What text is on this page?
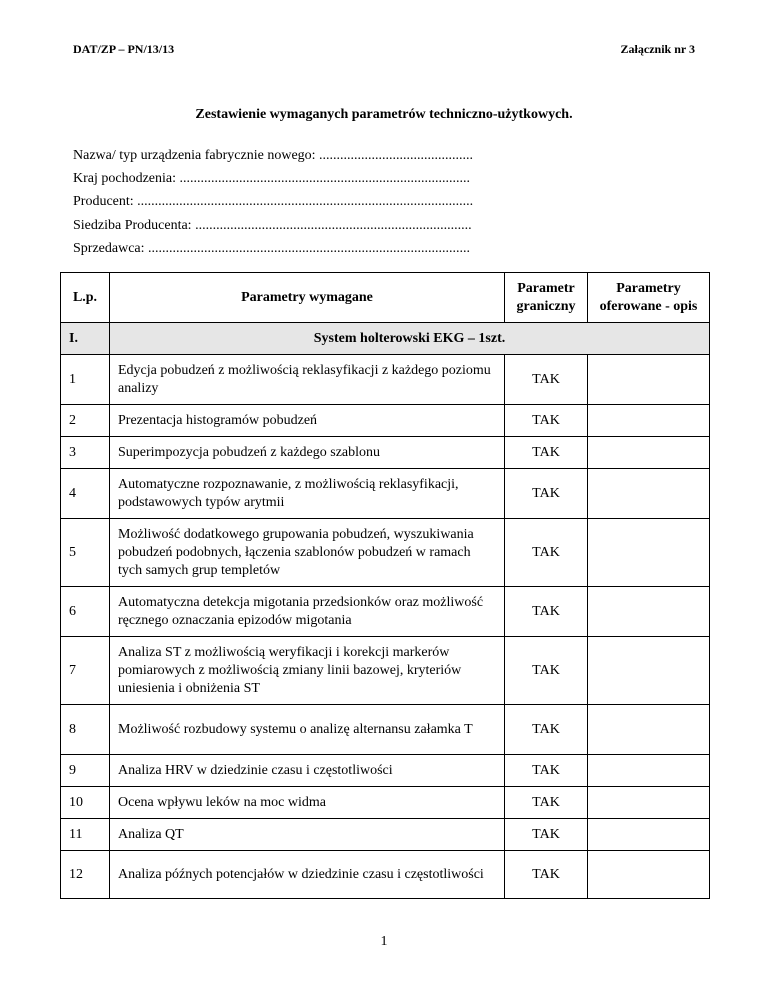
DAT/ZP – PN/13/13	Załącznik nr 3
Zestawienie wymaganych parametrów techniczno-użytkowych.
Nazwa/ typ urządzenia fabrycznie nowego: ............................................
Kraj pochodzenia: ...................................................................................
Producent: ................................................................................................
Siedziba Producenta: ...............................................................................
Sprzedawca: ............................................................................................
L.p.	Parametry wymagane	Parametr graniczny	Parametry oferowane - opis
I.	System holterowski EKG – 1szt.		
1	Edycja pobudzeń z możliwością reklasyfikacji z każdego poziomu analizy	TAK	
2	Prezentacja histogramów pobudzeń	TAK	
3	Superimpozycja pobudzeń z każdego szablonu	TAK	
4	Automatyczne rozpoznawanie, z możliwością reklasyfikacji, podstawowych typów arytmii	TAK	
5	Możliwość dodatkowego grupowania pobudzeń, wyszukiwania pobudzeń podobnych, łączenia szablonów pobudzeń w ramach tych samych grup templetów	TAK	
6	Automatyczna detekcja migotania przedsionków oraz możliwość ręcznego oznaczania epizodów migotania	TAK	
7	Analiza ST z możliwością weryfikacji i korekcji markerów pomiarowych z możliwością zmiany linii bazowej, kryteriów uniesienia i obniżenia ST	TAK	
8	Możliwość rozbudowy systemu o analizę alternansu załamka T	TAK	
9	Analiza HRV w dziedzinie czasu i częstotliwości	TAK	
10	Ocena wpływu leków na moc widma	TAK	
11	Analiza QT	TAK	
12	Analiza późnych potencjałów w dziedzinie czasu i częstotliwości	TAK	
1
